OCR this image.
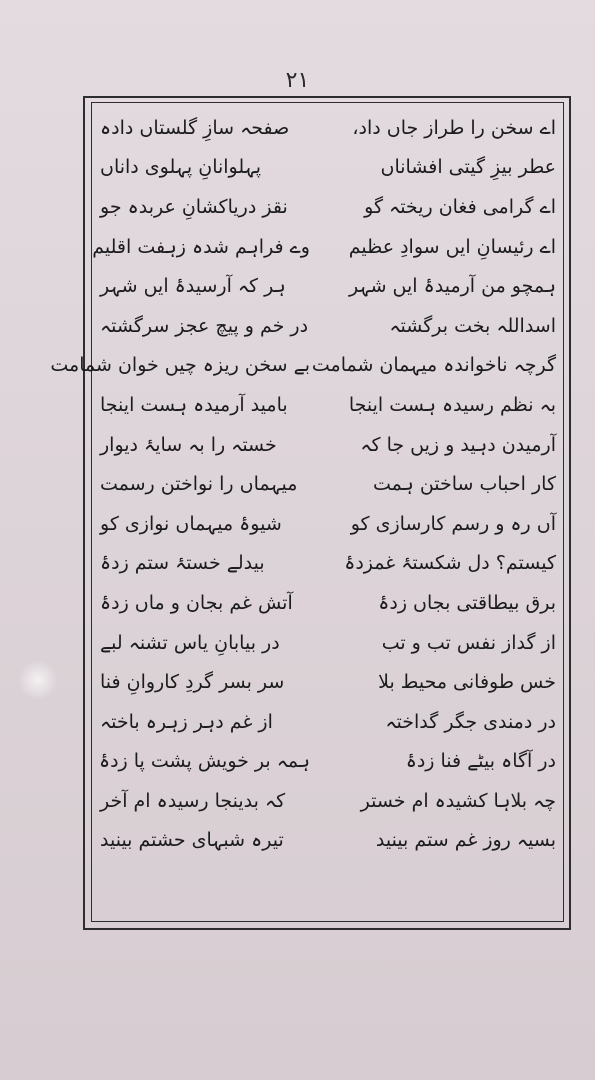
۲۱
اے سخن را طراز جاں داد،
صفحہ سازِ گلستاں دادہ
عطر بیزِ گیتی افشاناں
پہلوانانِ پہلوی داناں
اے گرامی فغان ریختہ گو
نقز دریاکشانِ عربدہ جو
اے رئیسانِ ایں سوادِ عظیم
وے فراہم شدہ زہفت اقلیم
ہمچو من آرمیدۂ ایں شہر
ہر کہ آرسیدۂ ایں شہر
اسداللہ بخت برگشتہ
در خم و پیچ عجز سرگشتہ
گرچہ ناخواندہ میہمان شمامت
بے سخن ریزہ چیں خوان شمامت
بہ نظم رسیدہ ہست اینجا
بامید آرمیدہ ہست اینجا
آرمیدن دہید و زیں جا کہ
خستہ را بہ سایۂ دیوار
کار احباب ساختن ہمت
میہماں را نواختن رسمت
آں رہ و رسم کارسازی کو
شیوۂ میہماں نوازی کو
کیستم؟ دل شکستۂ غمزدۂ
بیدلے خستۂ ستم زدۂ
برق بیطاقتی بجاں زدۂ
آتش غم بجان و ماں زدۂ
از گداز نفس تب و تب
در بیابانِ یاس تشنہ لبے
خس طوفانی محیط بلا
سر بسر گردِ کاروانِ فنا
در دمندی جگر گداختہ
از غم دہر زہرہ باختہ
در آگاہ بیٹے فنا زدۂ
ہمہ بر خویش پشت پا زدۂ
چہ بلاہا کشیدہ ام خستر
کہ بدینجا رسیدہ ام آخر
بسیہ روز غم ستم بینید
تیرہ شبہای حشتم بینید
